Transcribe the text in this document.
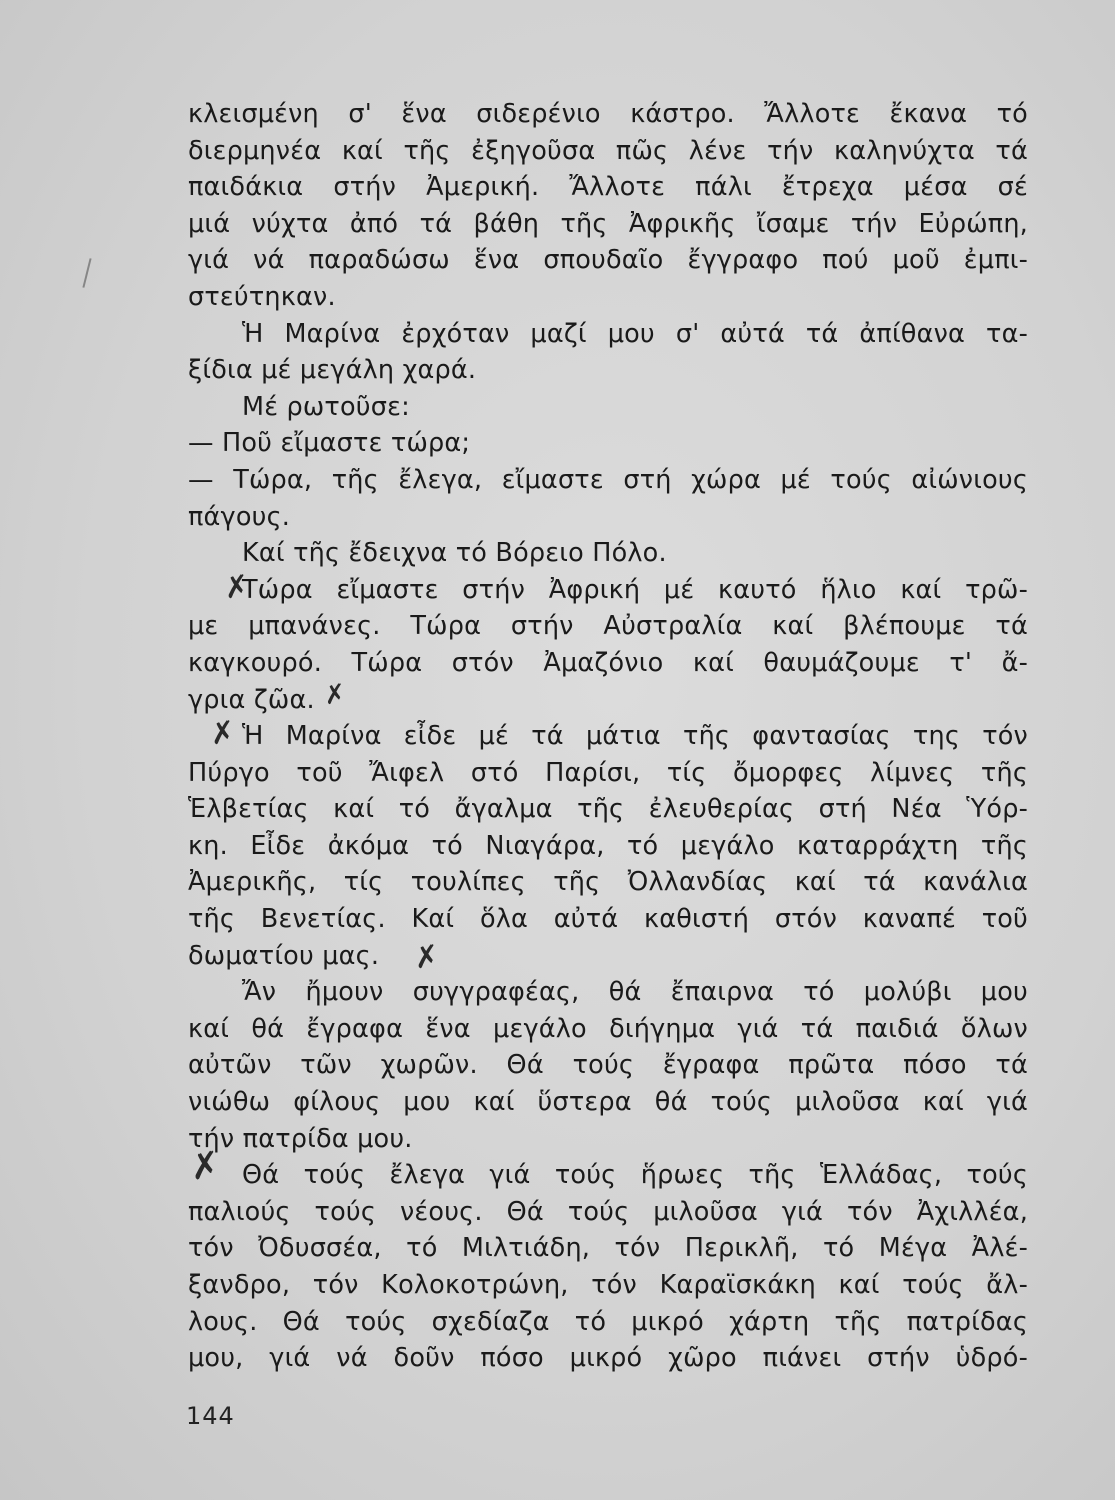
κλεισμένη σ' ἕνα σιδερένιο κάστρο. Ἄλλοτε ἔκανα τό
διερμηνέα καί τῆς ἐξηγοῦσα πῶς λένε τήν καληνύχτα τά
παιδάκια στήν Ἀμερική. Ἄλλοτε πάλι ἔτρεχα μέσα σέ
μιά νύχτα ἀπό τά βάθη τῆς Ἀφρικῆς ἴσαμε τήν Εὐρώπη,
γιά νά παραδώσω ἕνα σπουδαῖο ἔγγραφο πού μοῦ ἐμπι-
στεύτηκαν.
Ἡ Μαρίνα ἐρχόταν μαζί μου σ' αὐτά τά ἀπίθανα τα-
ξίδια μέ μεγάλη χαρά.
Μέ ρωτοῦσε:
— Ποῦ εἴμαστε τώρα;
— Τώρα, τῆς ἔλεγα, εἴμαστε στή χώρα μέ τούς αἰώνιους
πάγους.
Καί τῆς ἔδειχνα τό Βόρειο Πόλο.
Τώρα εἴμαστε στήν Ἀφρική μέ καυτό ἥλιο καί τρῶ-
με μπανάνες. Τώρα στήν Αὐστραλία καί βλέπουμε τά
καγκουρό. Τώρα στόν Ἀμαζόνιο καί θαυμάζουμε τ' ἄ-
γρια ζῶα.
Ἡ Μαρίνα εἶδε μέ τά μάτια τῆς φαντασίας της τόν
Πύργο τοῦ Ἄιφελ στό Παρίσι, τίς ὄμορφες λίμνες τῆς
Ἑλβετίας καί τό ἄγαλμα τῆς ἐλευθερίας στή Νέα Ὑόρ-
κη. Εἶδε ἀκόμα τό Νιαγάρα, τό μεγάλο καταρράχτη τῆς
Ἀμερικῆς, τίς τουλίπες τῆς Ὀλλανδίας καί τά κανάλια
τῆς Βενετίας. Καί ὅλα αὐτά καθιστή στόν καναπέ τοῦ
δωματίου μας.
Ἄν ἤμουν συγγραφέας, θά ἔπαιρνα τό μολύβι μου
καί θά ἔγραφα ἕνα μεγάλο διήγημα γιά τά παιδιά ὅλων
αὐτῶν τῶν χωρῶν. Θά τούς ἔγραφα πρῶτα πόσο τά
νιώθω φίλους μου καί ὕστερα θά τούς μιλοῦσα καί γιά
τήν πατρίδα μου.
Θά τούς ἔλεγα γιά τούς ἥρωες τῆς Ἑλλάδας, τούς
παλιούς τούς νέους. Θά τούς μιλοῦσα γιά τόν Ἀχιλλέα,
τόν Ὀδυσσέα, τό Μιλτιάδη, τόν Περικλῆ, τό Μέγα Ἀλέ-
ξανδρο, τόν Κολοκοτρώνη, τόν Καραϊσκάκη καί τούς ἄλ-
λους. Θά τούς σχεδίαζα τό μικρό χάρτη τῆς πατρίδας
μου, γιά νά δοῦν πόσο μικρό χῶρο πιάνει στήν ὑδρό-
144
✗
✗
✗
✗
✗
